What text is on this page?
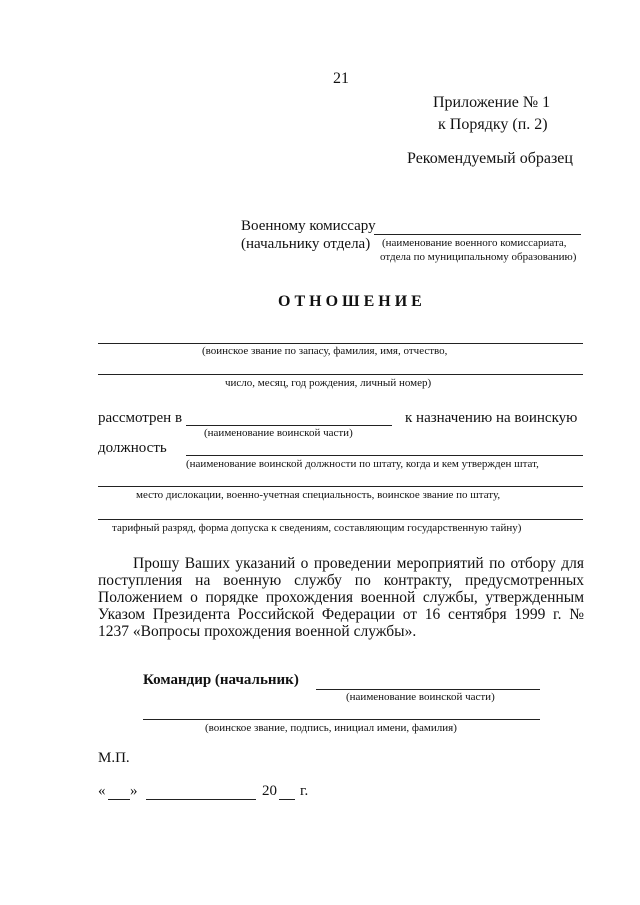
21
Приложение № 1
к Порядку (п. 2)
Рекомендуемый образец
Военному комиссару
(начальнику отдела) (наименование военного комиссариата,
отдела по муниципальному образованию)
ОТНОШЕНИЕ
(воинское звание по запасу, фамилия, имя, отчество,
число, месяц, год рождения, личный номер)
рассмотрен в	к назначению на воинскую
(наименование воинской части)
должность
(наименование воинской должности по штату, когда и кем утвержден штат,
место дислокации, военно-учетная специальность, воинское звание по штату,
тарифный разряд, форма допуска к сведениям, составляющим государственную тайну)
Прошу Ваших указаний о проведении мероприятий по отбору для поступления на военную службу по контракту, предусмотренных Положением о порядке прохождения военной службы, утвержденным Указом Президента Российской Федерации от 16 сентября 1999 г. № 1237 «Вопросы прохождения военной службы».
Командир (начальник)
(наименование воинской части)
(воинское звание, подпись, инициал имени, фамилия)
М.П.
« »	20 г.
